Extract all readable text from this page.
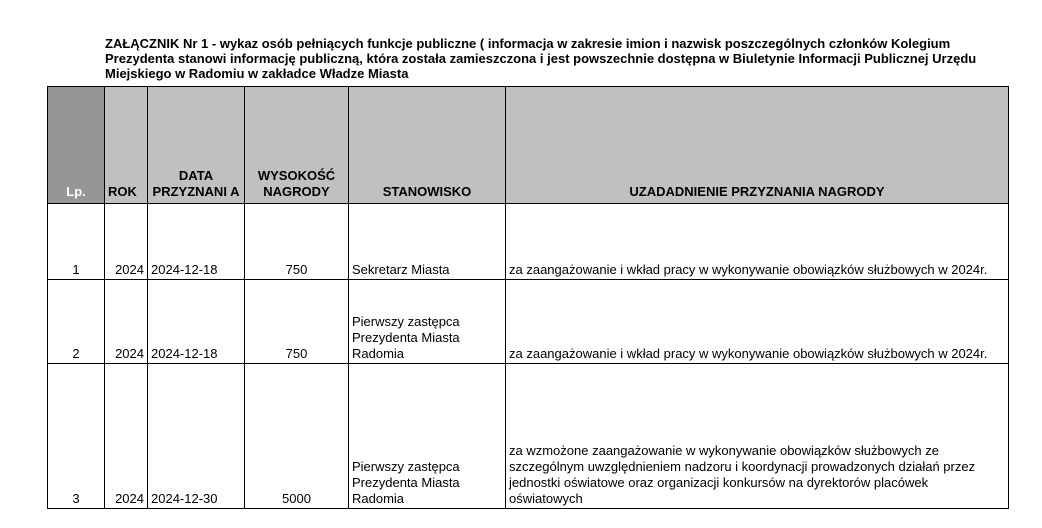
ZAŁĄCZNIK Nr 1 - wykaz osób pełniących funkcje publiczne ( informacja w zakresie imion i nazwisk poszczególnych członków Kolegium Prezydenta stanowi informację publiczną, która została zamieszczona i jest powszechnie dostępna w Biuletynie Informacji Publicznej Urzędu Miejskiego w Radomiu w zakładce Władze Miasta
Lp.	ROK	DATA PRZYZNANI A	WYSOKOŚĆ NAGRODY	STANOWISKO	UZADADNIENIE PRZYZNANIA NAGRODY
1	2024	2024-12-18	750	Sekretarz Miasta	za zaangażowanie i wkład pracy w wykonywanie obowiązków służbowych w 2024r.
2	2024	2024-12-18	750	Pierwszy zastępca Prezydenta Miasta Radomia	za zaangażowanie i wkład pracy w wykonywanie obowiązków służbowych w 2024r.
3	2024	2024-12-30	5000	Pierwszy zastępca Prezydenta Miasta Radomia	za wzmożone zaangażowanie w wykonywanie obowiązków służbowych ze szczególnym uwzględnieniem nadzoru i koordynacji prowadzonych działań przez jednostki oświatowe oraz organizacji konkursów na dyrektorów placówek oświatowych
